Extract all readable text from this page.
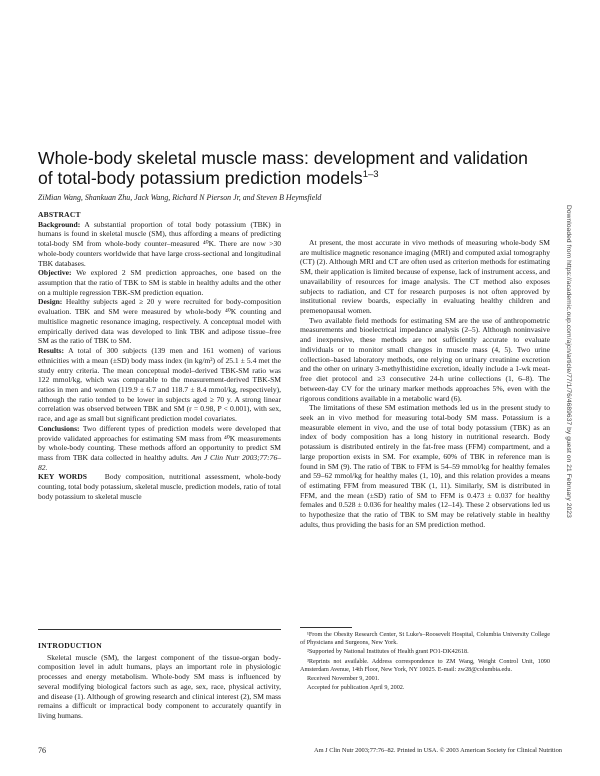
Whole-body skeletal muscle mass: development and validation of total-body potassium prediction models$^{1-3}$
ZiMian Wang, Shankuan Zhu, Jack Wang, Richard N Pierson Jr, and Steven B Heymsfield
ABSTRACT

Background: A substantial proportion of total body potassium (TBK) in humans is found in skeletal muscle (SM), thus affording a means of predicting total-body SM from whole-body counter–measured ⁴⁰K. There are now >30 whole-body counters worldwide that have large cross-sectional and longitudinal TBK databases.

Objective: We explored 2 SM prediction approaches, one based on the assumption that the ratio of TBK to SM is stable in healthy adults and the other on a multiple regression TBK-SM prediction equation.

Design: Healthy subjects aged ≥ 20 y were recruited for body-composition evaluation. TBK and SM were measured by whole-body ⁴⁰K counting and multislice magnetic resonance imaging, respectively. A conceptual model with empirically derived data was developed to link TBK and adipose tissue–free SM as the ratio of TBK to SM.

Results: A total of 300 subjects (139 men and 161 women) of various ethnicities with a mean (±SD) body mass index (in kg/m²) of 25.1 ± 5.4 met the study entry criteria. The mean conceptual model–derived TBK-SM ratio was 122 mmol/kg, which was comparable to the measurement-derived TBK-SM ratios in men and women (119.9 ± 6.7 and 118.7 ± 8.4 mmol/kg, respectively), although the ratio tended to be lower in subjects aged ≥ 70 y. A strong linear correlation was observed between TBK and SM (r = 0.98, P < 0.001), with sex, race, and age as small but significant prediction model covariates.

Conclusions: Two different types of prediction models were developed that provide validated approaches for estimating SM mass from ⁴⁰K measurements by whole-body counting. These methods afford an opportunity to predict SM mass from TBK data collected in healthy adults. Am J Clin Nutr 2003;77:76–82.

KEY WORDS Body composition, nutritional assessment, whole-body counting, total body potassium, skeletal muscle, prediction models, ratio of total body potassium to skeletal muscle

At present, the most accurate in vivo methods of measuring whole-body SM are multislice magnetic resonance imaging (MRI) and computed axial tomography (CT) (2). Although MRI and CT are often used as criterion methods for estimating SM, their application is limited because of expense, lack of instrument access, and unavailability of resources for image analysis. The CT method also exposes subjects to radiation, and CT for research purposes is not often approved by institutional review boards, especially in evaluating healthy children and premenopausal women.

Two available field methods for estimating SM are the use of anthropometric measurements and bioelectrical impedance analysis (2–5). Although noninvasive and inexpensive, these methods are not sufficiently accurate to evaluate individuals or to monitor small changes in muscle mass (4, 5). Two urine collection–based laboratory methods, one relying on urinary creatinine excretion and the other on urinary 3-methylhistidine excretion, ideally include a 1-wk meat-free diet protocol and ≥3 consecutive 24-h urine collections (1, 6–8). The between-day CV for the urinary marker methods approaches 5%, even with the rigorous conditions available in a metabolic ward (6).

The limitations of these SM estimation methods led us in the present study to seek an in vivo method for measuring total-body SM mass. Potassium is a measurable element in vivo, and the use of total body potassium (TBK) as an index of body composition has a long history in nutritional research. Body potassium is distributed entirely in the fat-free mass (FFM) compartment, and a large proportion exists in SM. For example, 60% of TBK in reference man is found in SM (9). The ratio of TBK to FFM is 54–59 mmol/kg for healthy females and 59–62 mmol/kg for healthy males (1, 10), and this relation provides a means of estimating FFM from measured TBK (1, 11). Similarly, SM is distributed in FFM, and the mean (±SD) ratio of SM to FFM is 0.473 ± 0.037 for healthy females and 0.528 ± 0.036 for healthy males (12–14). These 2 observations led us to hypothesize that the ratio of TBK to SM may be relatively stable in healthy adults, thus providing the basis for an SM prediction method.

INTRODUCTION

Skeletal muscle (SM), the largest component of the tissue-organ body-composition level in adult humans, plays an important role in physiologic processes and energy metabolism. Whole-body SM mass is influenced by several modifying biological factors such as age, sex, race, physical activity, and disease (1). Although of growing research and clinical interest (2), SM mass remains a difficult or impractical body component to accurately quantify in living humans.

¹From the Obesity Research Center, St Luke's–Roosevelt Hospital, Columbia University College of Physicians and Surgeons, New York.

²Supported by National Institutes of Health grant PO1-DK42618.

³Reprints not available. Address correspondence to ZM Wang, Weight Control Unit, 1090 Amsterdam Avenue, 14th Floor, New York, NY 10025. E-mail: zw28@columbia.edu.

Received November 9, 2001.

Accepted for publication April 9, 2002.

76	Am J Clin Nutr 2003;77:76–82. Printed in USA. © 2003 American Society for Clinical Nutrition
Downloaded from https://academic.oup.com/ajcn/article/77/1/76/4689637 by guest on 21 February 2023
